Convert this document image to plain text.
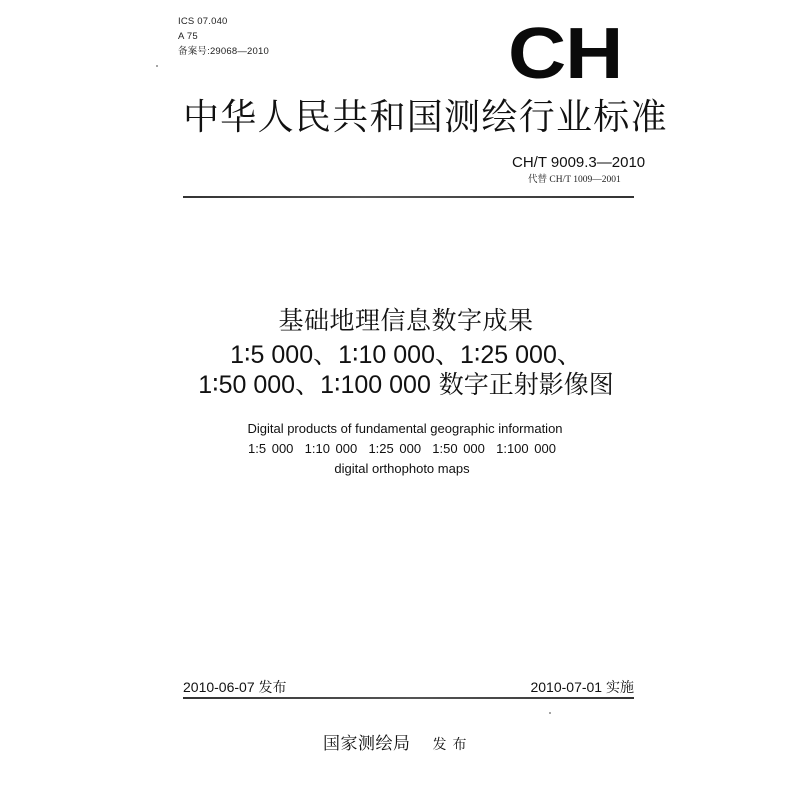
ICS 07.040
A 75
备案号:29068—2010	CH
中华人民共和国测绘行业标准
CH/T 9009.3—2010
代替 CH/T 1009—2001
基础地理信息数字成果
1∶5 000、1∶10 000、1∶25 000、
1∶50 000、1∶100 000 数字正射影像图
Digital products of fundamental geographic information
1:5 000  1:10 000  1:25 000  1:50 000  1:100 000
digital orthophoto maps
2010-06-07 发布	2010-07-01 实施
国家测绘局 发布
